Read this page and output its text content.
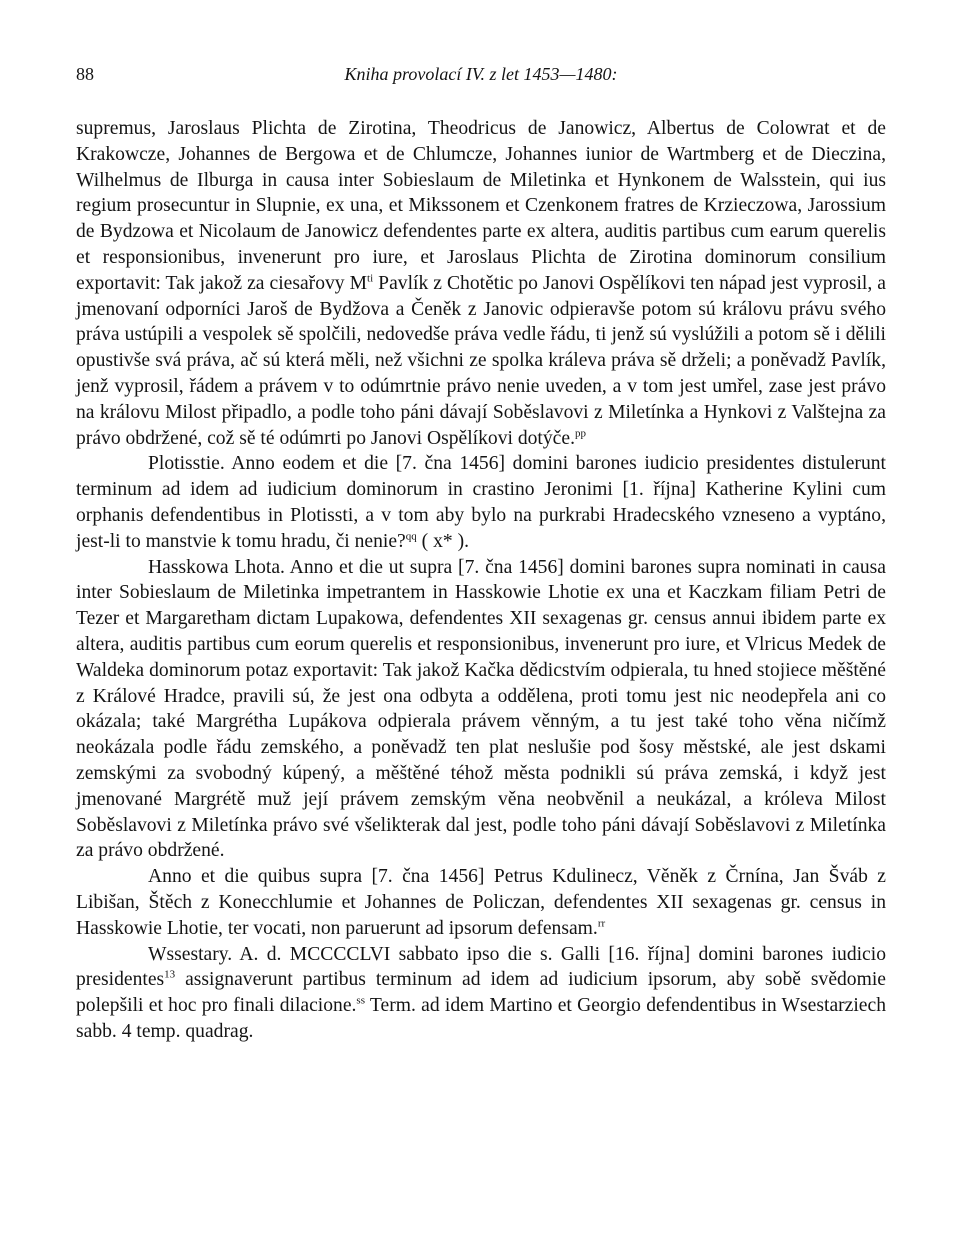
88	Kniha provolací IV. z let 1453—1480:

supremus, Jaroslaus Plichta de Zirotina, Theodricus de Janowicz, Albertus de Colowrat et de Krakowcze, Johannes de Bergowa et de Chlumcze, Johannes iunior de Wartmberg et de Dieczina, Wilhelmus de Ilburga in causa inter Sobieslaum de Miletinka et Hynkonem de Walsstein, qui ius regium prosecuntur in Slupnie, ex una, et Mikssonem et Czenkonem fratres de Krzieczowa, Jarossium de Bydzowa et Nicolaum de Janowicz defendentes parte ex altera, auditis partibus cum earum querelis et responsionibus, invenerunt pro iure, et Jaroslaus Plichta de Zirotina dominorum consilium exportavit: Tak jakož za ciesařovy $M^{ti}$ Pavlík z Chotětic po Janovi Ospělíkovi ten nápad jest vyprosil, a jmenovaní odporníci Jaroš de Bydžova a Čeněk z Janovic odpieravše potom sú královu právu svého práva ustúpili a vespolek sě spolčili, nedovedše práva vedle řádu, ti jenž sú vyslúžili a potom sě i dělili opustivše svá práva, ač sú která měli, než všichni ze spolka králeva práva sě drželi; a poněvadž Pavlík, jenž vyprosil, řádem a právem v to odúmrtnie právo nenie uveden, a v tom jest umřel, zase jest právo na královu Milost připadlo, a podle toho páni dávají Soběslavovi z Miletínka a Hynkovi z Valštejna za právo obdržené, což sě té odúmrti po Janovi Ospělíkovi dotýče.$^{pp}$

Plotisstie. Anno eodem et die [7. čna 1456] domini barones iudicio presidentes distulerunt terminum ad idem ad iudicium dominorum in crastino Jeronimi [1. října] Katherine Kylini cum orphanis defendentibus in Plotissti, a v tom aby bylo na purkrabi Hradecského vzneseno a vyptáno, jest-li to manstvie k tomu hradu, či nenie?$^{qq}$ ( x* ).

Hasskowa Lhota. Anno et die ut supra [7. čna 1456] domini barones supra nominati in causa inter Sobieslaum de Miletinka impetrantem in Hasskowie Lhotie ex una et Kaczkam filiam Petri de Tezer et Margaretham dictam Lupakowa, defendentes XII sexagenas gr. census annui ibidem parte ex altera, auditis partibus cum eorum querelis et responsionibus, invenerunt pro iure, et Vlricus Medek de Waldeka dominorum potaz exportavit: Tak jakož Kačka dědicstvím odpierala, tu hned stojiece měštěné z Králové Hradce, pravili sú, že jest ona odbyta a oddělena, proti tomu jest nic neodepřela ani co okázala; také Margrétha Lupákova odpierala právem věnným, a tu jest také toho věna ničímž neokázala podle řádu zemského, a poněvadž ten plat neslušie pod šosy městské, ale jest dskami zemskými za svobodný kúpený, a měštěné téhož města podnikli sú práva zemská, i když jest jmenované Margrétě muž její právem zemským věna neobvěnil a neukázal, a króleva Milost Soběslavovi z Miletínka právo své všelikterak dal jest, podle toho páni dávají Soběslavovi z Miletínka za právo obdržené.

Anno et die quibus supra [7. čna 1456] Petrus Kdulinecz, Věněk z Črnína, Jan Šváb z Libišan, Štěch z Konecchlumie et Johannes de Policzan, defendentes XII sexagenas gr. census in Hasskowie Lhotie, ter vocati, non paruerunt ad ipsorum defensam.$^{rr}$

Wssestary. A. d. MCCCCLVI sabbato ipso die s. Galli [16. října] domini barones iudicio presidentes$^{13}$ assignaverunt partibus terminum ad idem ad iudicium ipsorum, aby sobě svědomie polepšili et hoc pro finali dilacione.$^{ss}$ Term. ad idem Martino et Georgio defendentibus in Wsestarziech sabb. 4 temp. quadrag.
